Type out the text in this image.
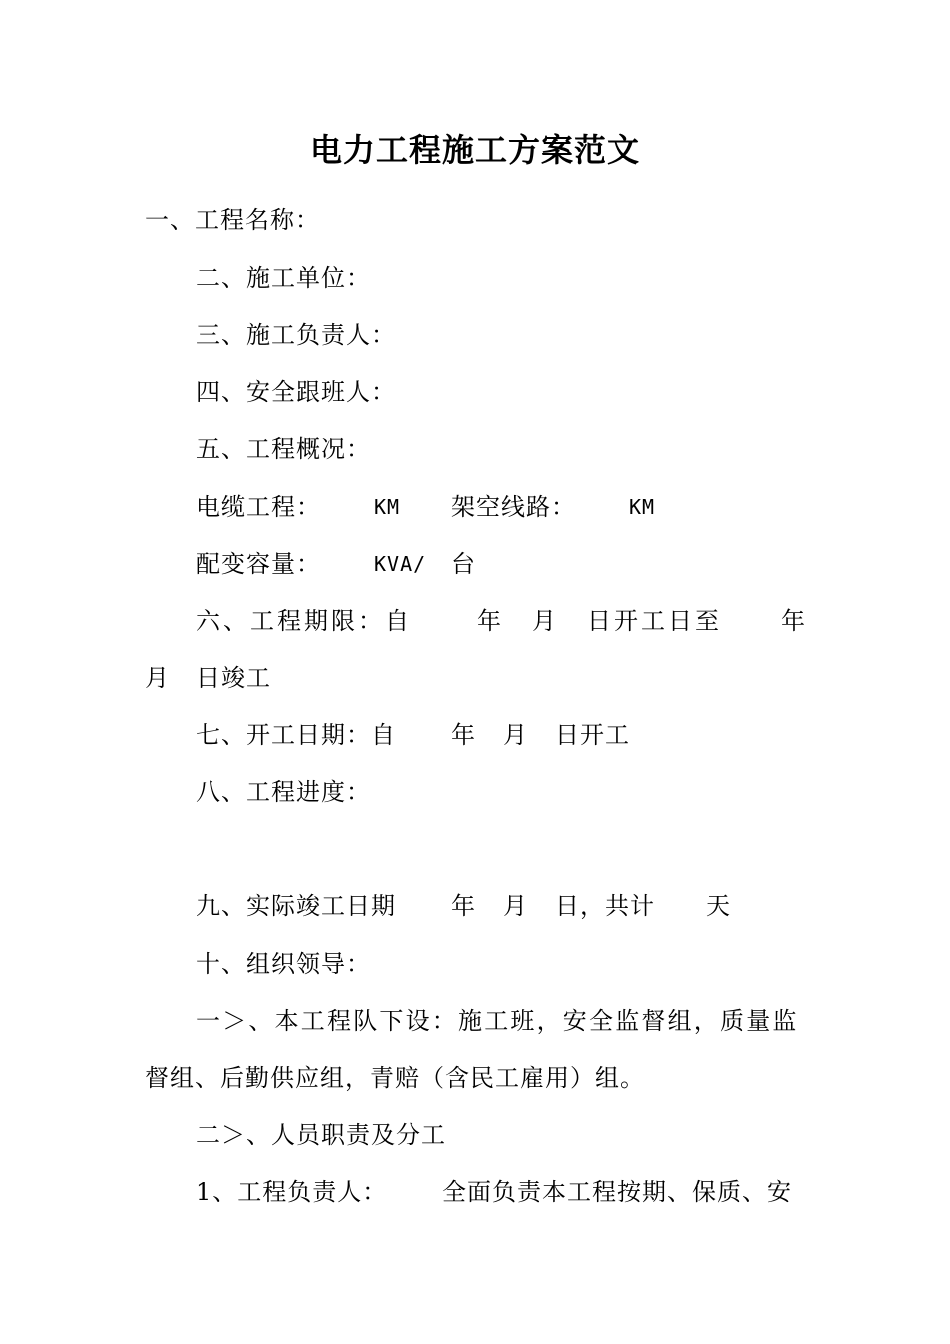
电力工程施工方案范文
一、工程名称：
二、施工单位：
三、施工负责人：
四、安全跟班人：
五、工程概况：
电缆工程：	KM 架空线路：	KM
配变容量：	KVA/ 台
六、工程期限：自	年 月 日开工日至 年
月 日竣工
七、开工日期：自 年 月 日开工
八、工程进度：
九、实际竣工日期 年 月 日，共计 天
十、组织领导：
一＞、本工程队下设：施工班，安全监督组，质量监
督组、后勤供应组，青赔（含民工雇用）组。
二＞、人员职责及分工
1、工程负责人： 全面负责本工程按期、保质、安
